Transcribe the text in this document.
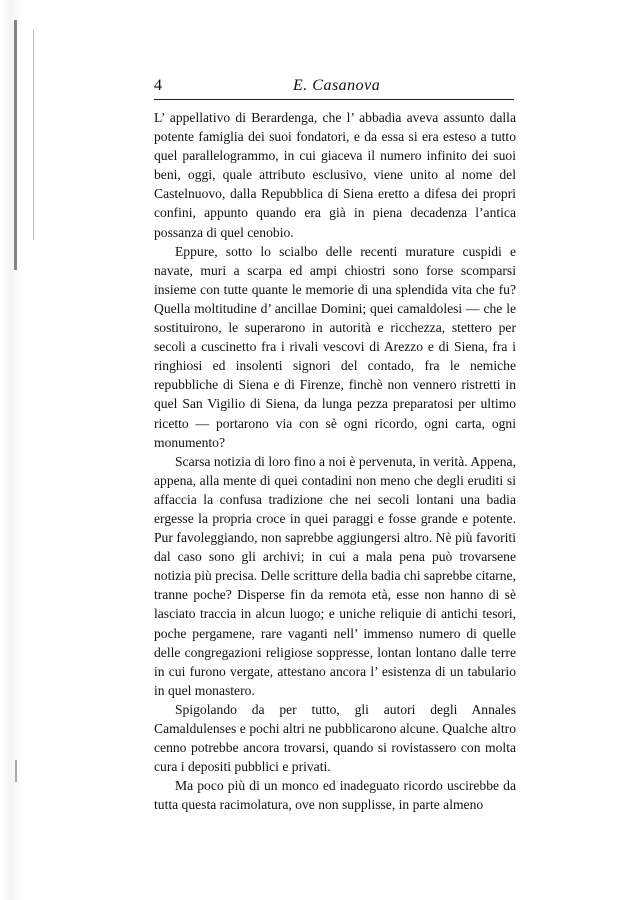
4	E. Casanova

L’ appellativo di Berardenga, che l’ abbadia aveva assunto dalla potente famiglia dei suoi fondatori, e da essa si era esteso a tutto quel parallelogrammo, in cui giaceva il numero infinito dei suoi beni, oggi, quale attributo esclusivo, viene unito al nome del Castelnuovo, dalla Repubblica di Siena eretto a difesa dei propri confini, appunto quando era già in piena decadenza l’antica possanza di quel cenobio.

Eppure, sotto lo scialbo delle recenti murature cuspidi e navate, muri a scarpa ed ampi chiostri sono forse scomparsi insieme con tutte quante le memorie di una splendida vita che fu? Quella moltitudine d’ ancillae Domini; quei camaldolesi — che le sostituirono, le superarono in autorità e ricchezza, stettero per secoli a cuscinetto fra i rivali vescovi di Arezzo e di Siena, fra i ringhiosi ed insolenti signori del contado, fra le nemiche repubbliche di Siena e di Firenze, finchè non vennero ristretti in quel San Vigilio di Siena, da lunga pezza preparatosi per ultimo ricetto — portarono via con sè ogni ricordo, ogni carta, ogni monumento?

Scarsa notizia di loro fino a noi è pervenuta, in verità. Appena, appena, alla mente di quei contadini non meno che degli eruditi si affaccia la confusa tradizione che nei secoli lontani una badia ergesse la propria croce in quei paraggi e fosse grande e potente. Pur favoleggiando, non saprebbe aggiungersi altro. Nè più favoriti dal caso sono gli archivi; in cui a mala pena può trovarsene notizia più precisa. Delle scritture della badia chi saprebbe citarne, tranne poche? Disperse fin da remota età, esse non hanno di sè lasciato traccia in alcun luogo; e uniche reliquie di antichi tesori, poche pergamene, rare vaganti nell’ immenso numero di quelle delle congregazioni religiose soppresse, lontan lontano dalle terre in cui furono vergate, attestano ancora l’ esistenza di un tabulario in quel monastero.

Spigolando da per tutto, gli autori degli Annales Camaldulenses e pochi altri ne pubblicarono alcune. Qualche altro cenno potrebbe ancora trovarsi, quando si rovistassero con molta cura i depositi pubblici e privati.

Ma poco più di un monco ed inadeguato ricordo uscirebbe da tutta questa racimolatura, ove non supplisse, in parte almeno
